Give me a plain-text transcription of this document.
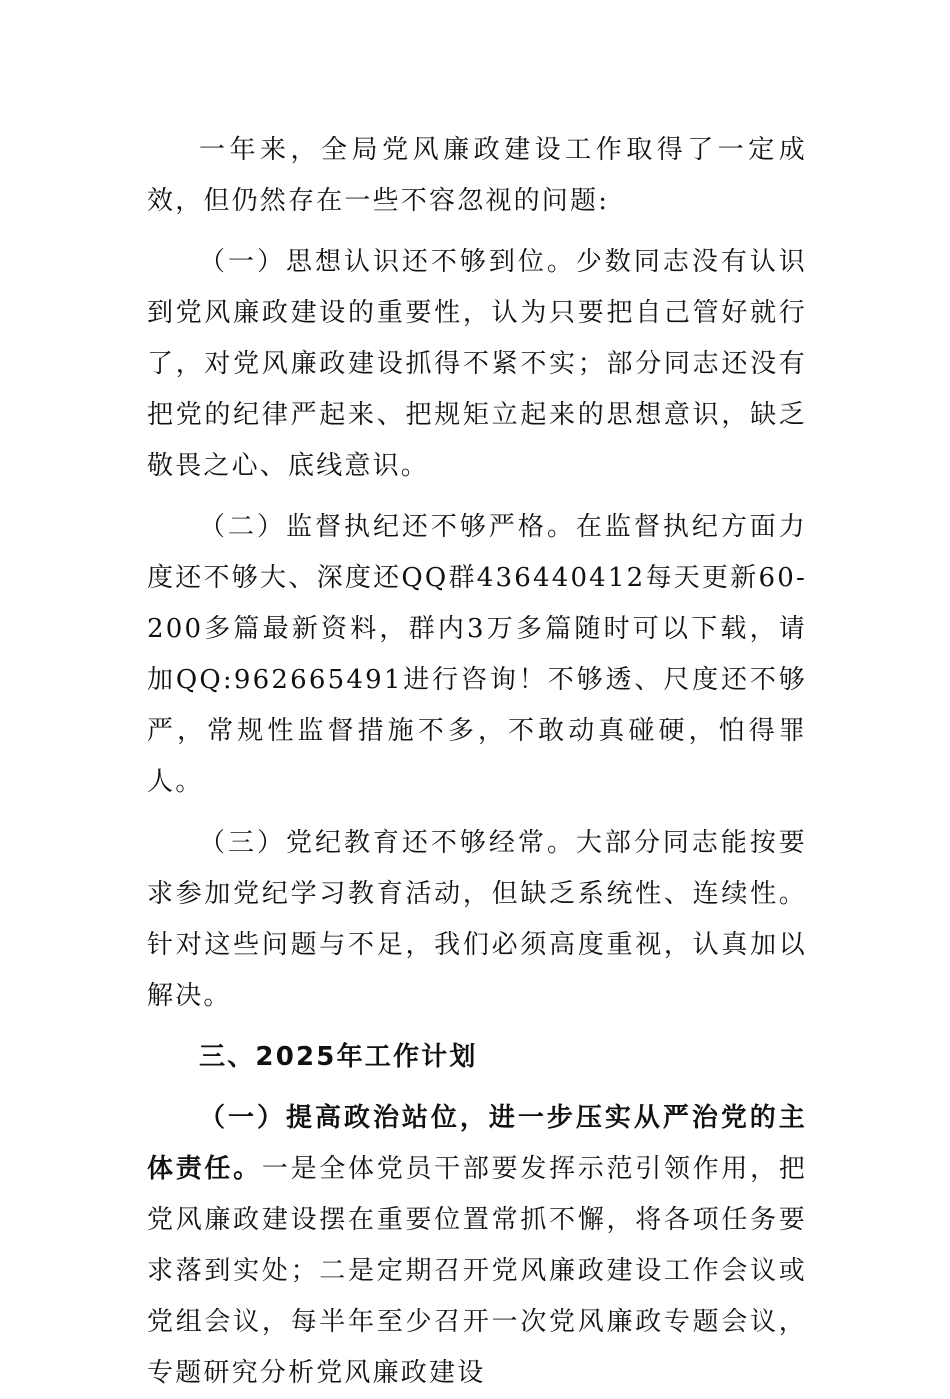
一年来，全局党风廉政建设工作取得了一定成效，但仍然存在一些不容忽视的问题:

（一）思想认识还不够到位。少数同志没有认识到党风廉政建设的重要性，认为只要把自己管好就行了，对党风廉政建设抓得不紧不实；部分同志还没有把党的纪律严起来、把规矩立起来的思想意识，缺乏敬畏之心、底线意识。

（二）监督执纪还不够严格。在监督执纪方面力度还不够大、深度还QQ群436440412每天更新60-200多篇最新资料，群内3万多篇随时可以下载，请加QQ:962665491进行咨询！不够透、尺度还不够严，常规性监督措施不多，不敢动真碰硬，怕得罪人。

（三）党纪教育还不够经常。大部分同志能按要求参加党纪学习教育活动，但缺乏系统性、连续性。针对这些问题与不足，我们必须高度重视，认真加以解决。

三、2025年工作计划

（一）提高政治站位，进一步压实从严治党的主体责任。一是全体党员干部要发挥示范引领作用，把党风廉政建设摆在重要位置常抓不懈，将各项任务要求落到实处；二是定期召开党风廉政建设工作会议或党组会议，每半年至少召开一次党风廉政专题会议，专题研究分析党风廉政建设
